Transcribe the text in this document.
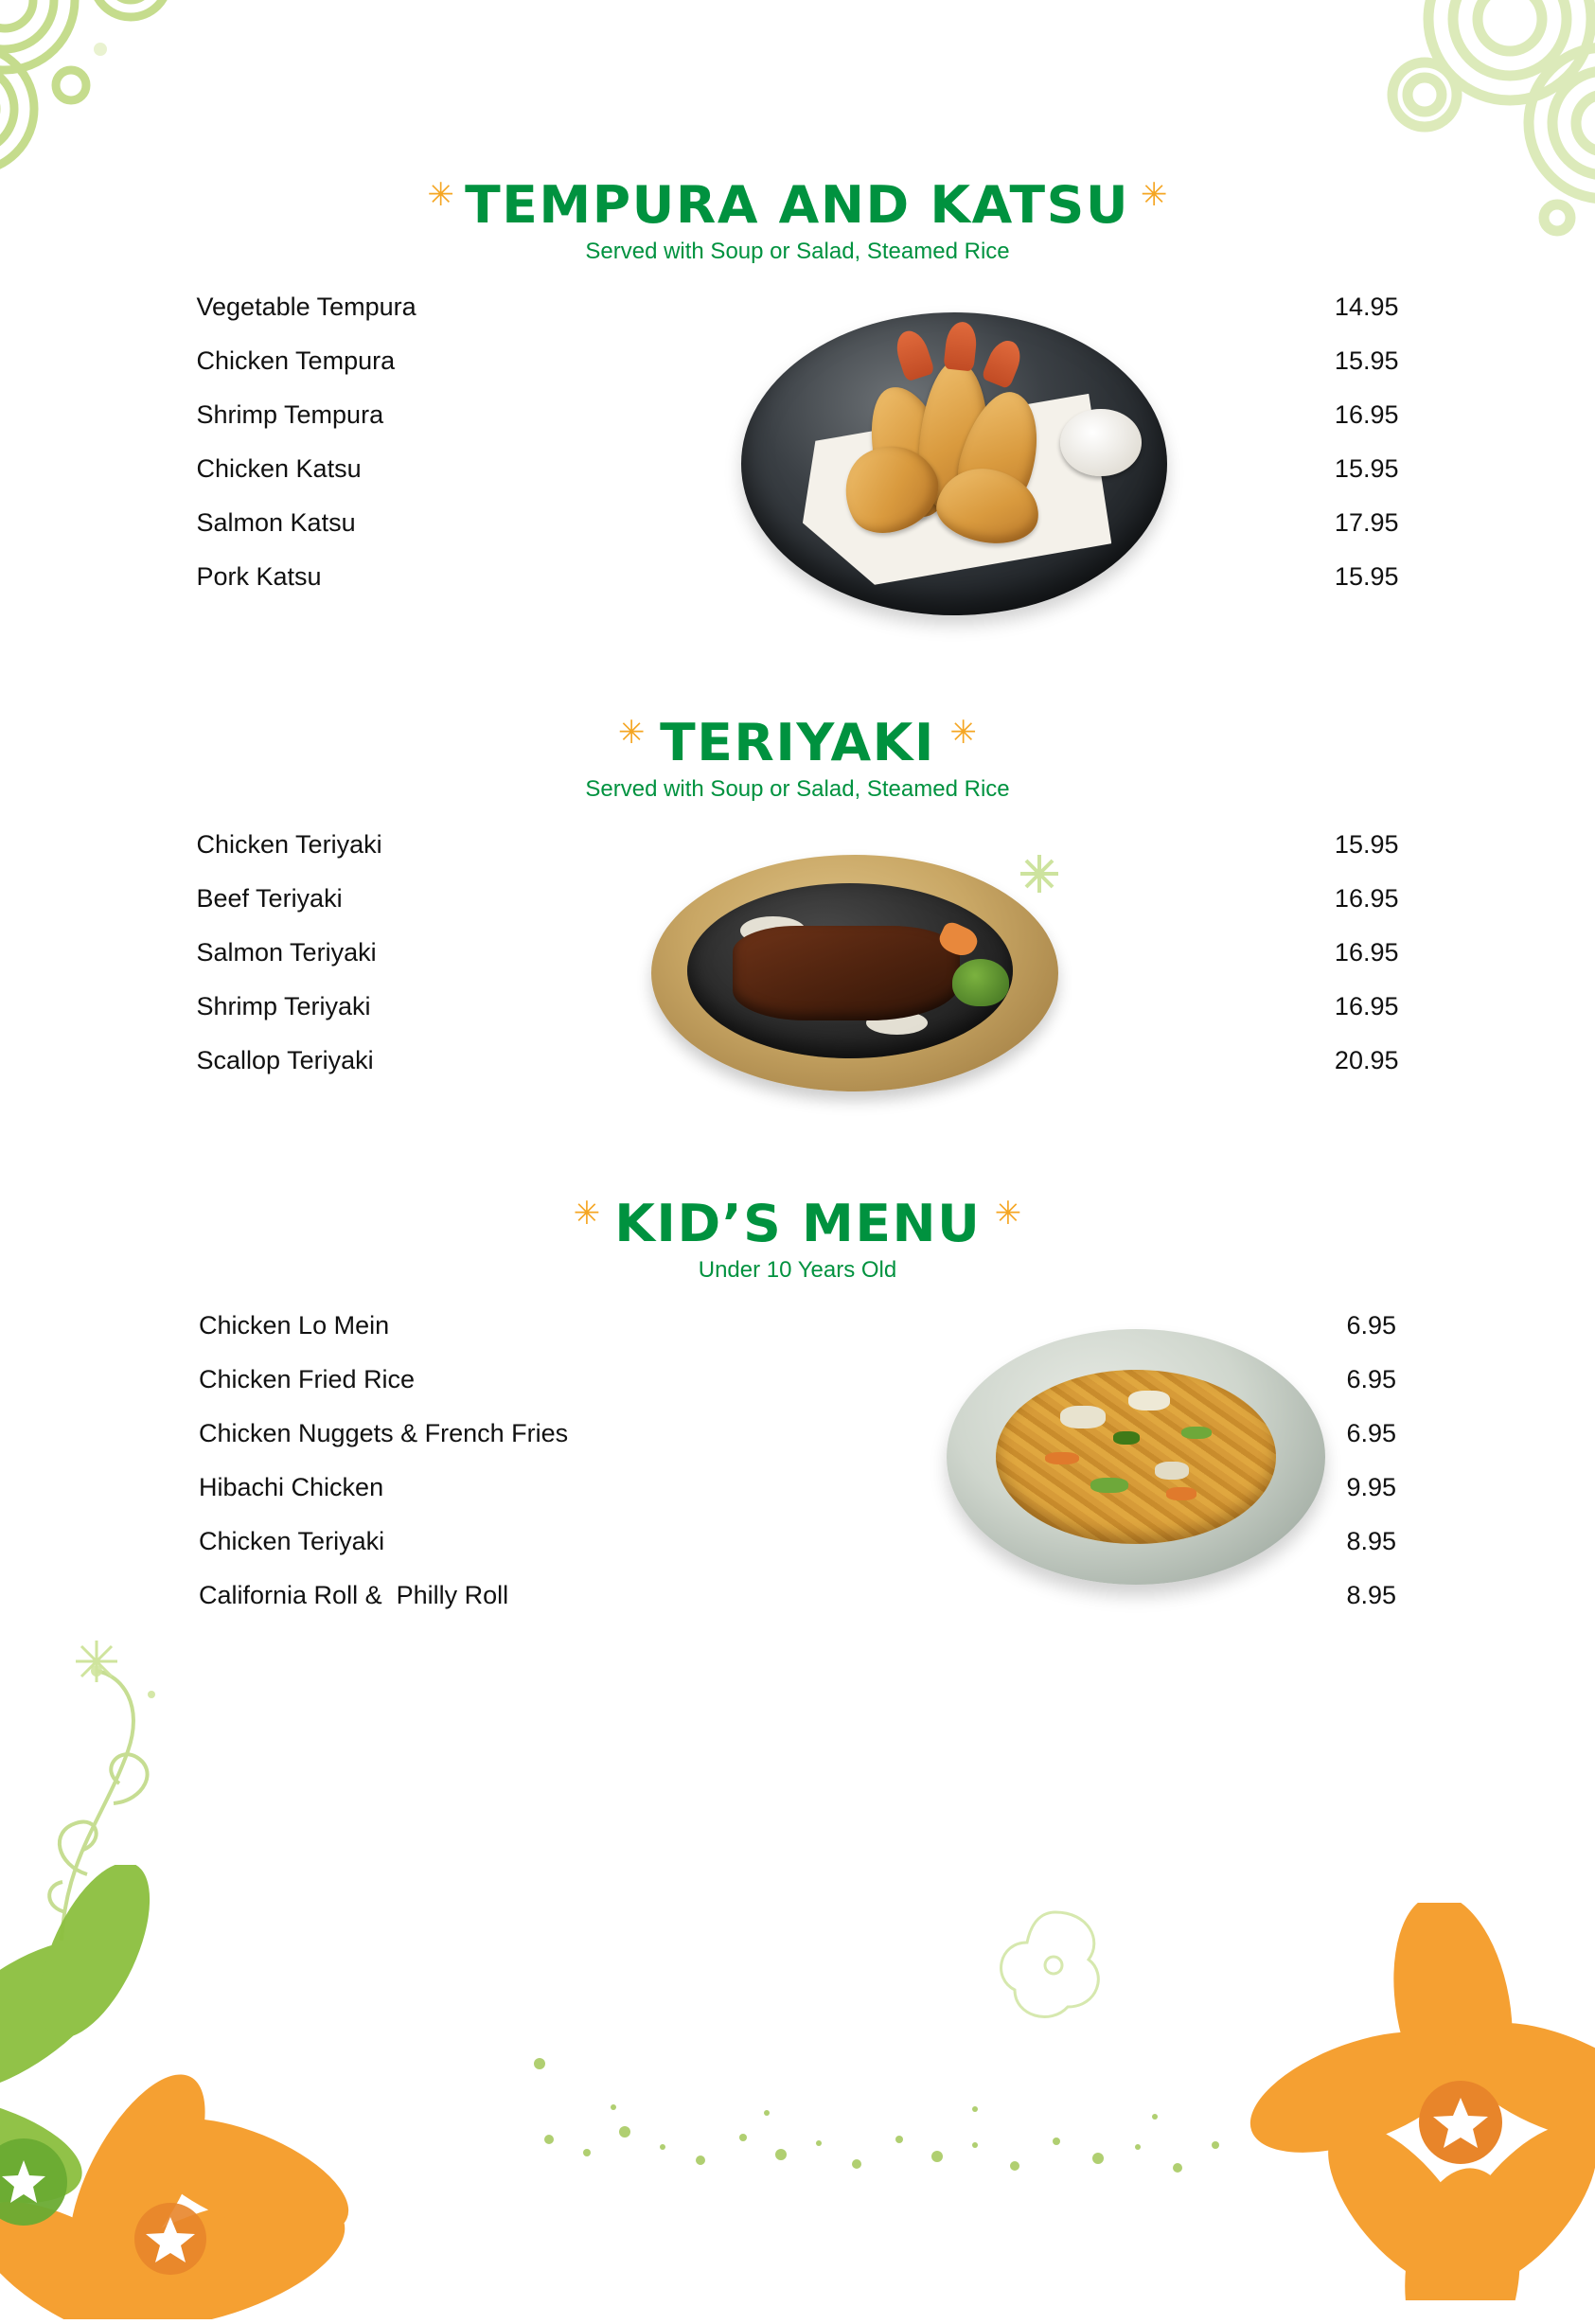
✳ TEMPURA AND KATSU ✳
Served with Soup or Salad, Steamed Rice
Vegetable Tempura	14.95
Chicken Tempura	15.95
Shrimp Tempura	16.95
Chicken Katsu	15.95
Salmon Katsu	17.95
Pork Katsu	15.95
✳ TERIYAKI ✳
Served with Soup or Salad, Steamed Rice
Chicken Teriyaki	15.95
Beef Teriyaki	16.95
Salmon Teriyaki	16.95
Shrimp Teriyaki	16.95
Scallop Teriyaki	20.95
✳ KID’S MENU ✳
Under 10 Years Old
Chicken Lo Mein	6.95
Chicken Fried Rice	6.95
Chicken Nuggets & French Fries	6.95
Hibachi Chicken	9.95
Chicken Teriyaki	8.95
California Roll &  Philly Roll	8.95
